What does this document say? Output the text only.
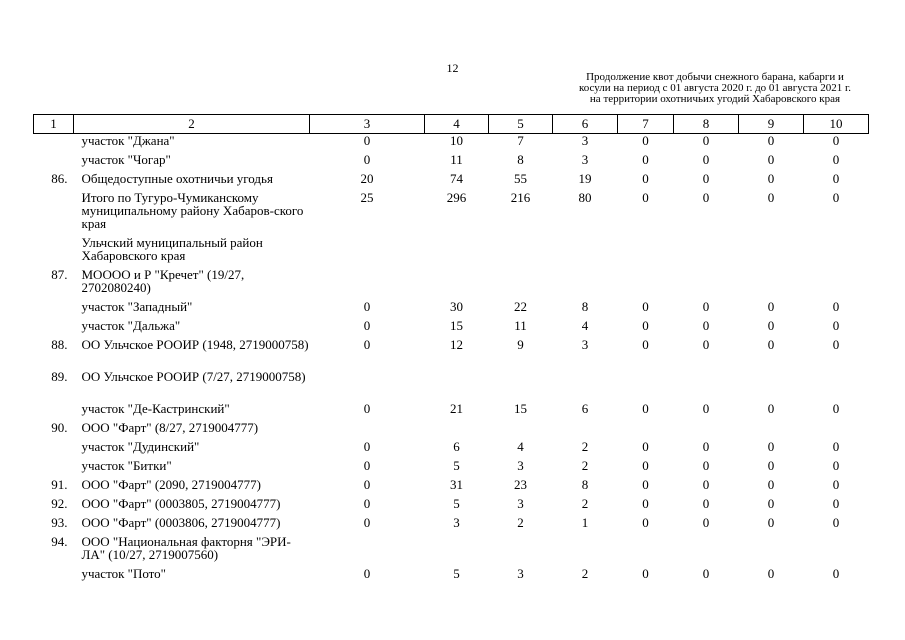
12
Продолжение квот добычи снежного барана, кабарги и
косули на период с 01 августа 2020 г. до 01 августа 2021 г.
на территории охотничьих угодий Хабаровского края
1	2	3	4	5	6	7	8	9	10
	участок "Джана"	0	10	7	3	0	0	0	0
	участок "Чогар"	0	11	8	3	0	0	0	0
86.	Общедоступные охотничьи угодья	20	74	55	19	0	0	0	0
	Итого по Тугуро-Чумиканскому муниципальному району Хабаров-ского края	25	296	216	80	0	0	0	0
	Ульчский муниципальный район Хабаровского края								
87.	МООOO и Р "Кречет" (19/27, 2702080240)								
	участок "Западный"	0	30	22	8	0	0	0	0
	участок "Дальжа"	0	15	11	4	0	0	0	0
88.	ОО Ульчское РООИР (1948, 2719000758)	0	12	9	3	0	0	0	0
89.	ОО Ульчское РООИР (7/27, 2719000758)								
	участок "Де-Кастринский"	0	21	15	6	0	0	0	0
90.	ООО "Фарт" (8/27, 2719004777)								
	участок "Дудинский"	0	6	4	2	0	0	0	0
	участок "Битки"	0	5	3	2	0	0	0	0
91.	ООО "Фарт" (2090, 2719004777)	0	31	23	8	0	0	0	0
92.	ООО "Фарт" (0003805, 2719004777)	0	5	3	2	0	0	0	0
93.	ООО "Фарт" (0003806, 2719004777)	0	3	2	1	0	0	0	0
94.	ООО "Национальная факторня "ЭРИ-ЛА" (10/27, 2719007560)								
	участок "Пото"	0	5	3	2	0	0	0	0
